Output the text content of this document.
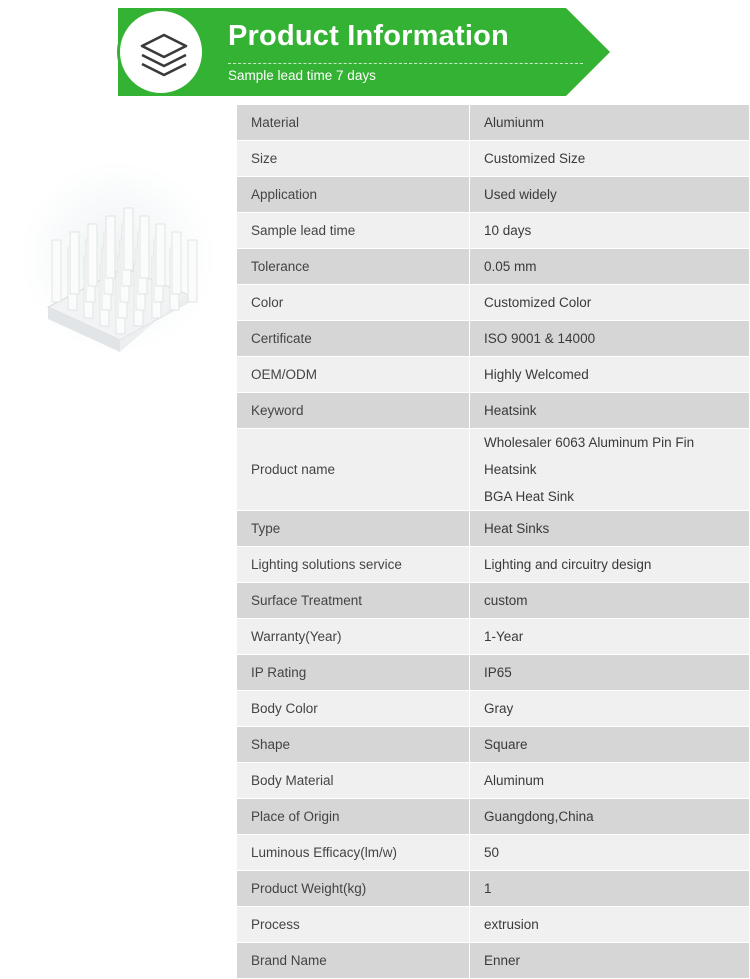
Product Information
Sample lead time 7 days
Material	Alumiunm
Size	Customized Size
Application	Used widely
Sample lead time	10 days
Tolerance	0.05 mm
Color	Customized Color
Certificate	ISO 9001 & 14000
OEM/ODM	Highly Welcomed
Keyword	Heatsink
Product name	Wholesaler 6063 Aluminum Pin Fin Heatsink
BGA Heat Sink

Type	Heat Sinks
Lighting solutions service	Lighting and circuitry design
Surface Treatment	custom
Warranty(Year)	1-Year
IP Rating	IP65
Body Color	Gray
Shape	Square
Body Material	Aluminum
Place of Origin	Guangdong,China
Luminous Efficacy(lm/w)	50
Product Weight(kg)	1
Process	extrusion
Brand Name	Enner
